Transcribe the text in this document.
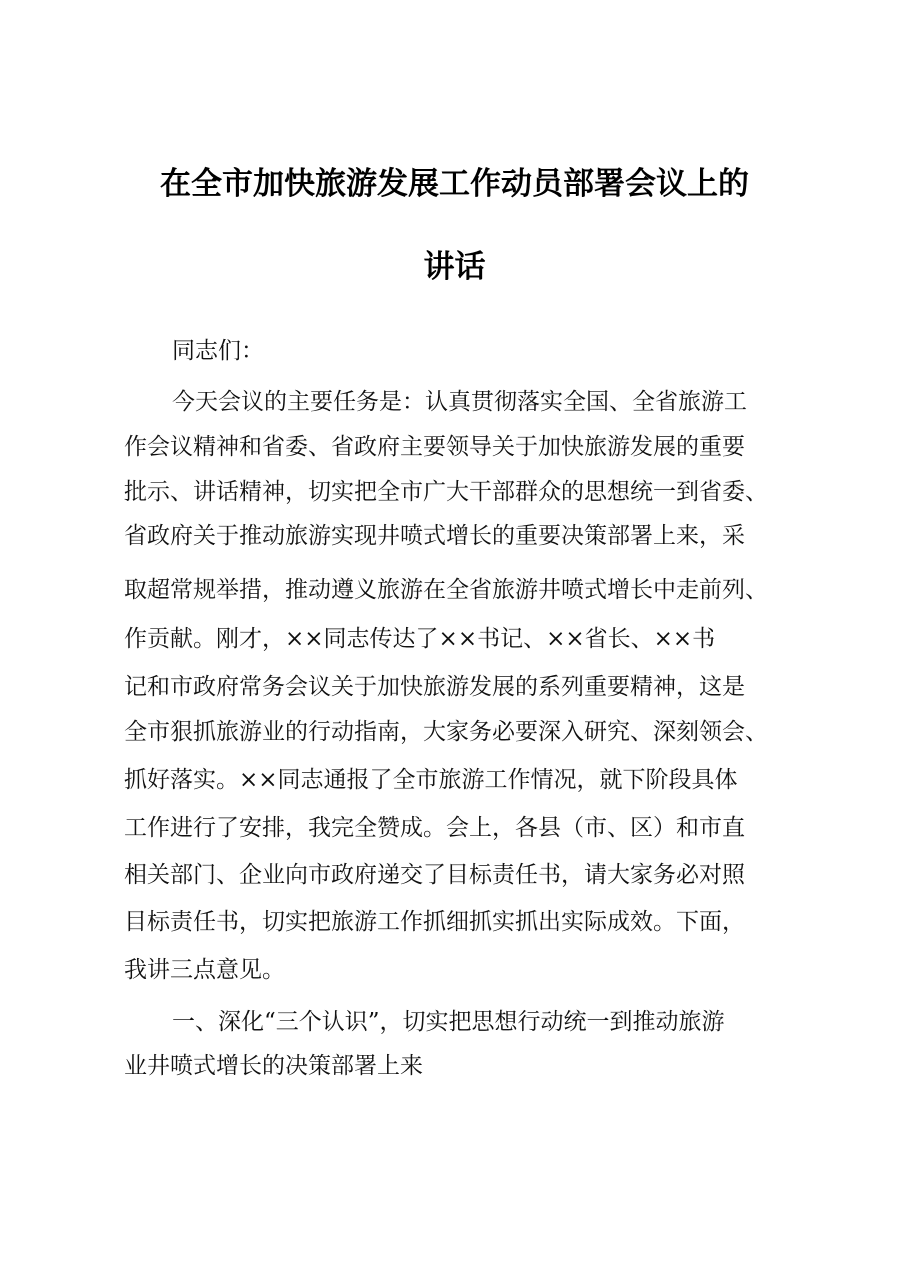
在全市加快旅游发展工作动员部署会议上的
讲话
同志们：
今天会议的主要任务是：认真贯彻落实全国、全省旅游工
作会议精神和省委、省政府主要领导关于加快旅游发展的重要
批示、讲话精神，切实把全市广大干部群众的思想统一到省委、
省政府关于推动旅游实现井喷式增长的重要决策部署上来，采
取超常规举措，推动遵义旅游在全省旅游井喷式增长中走前列、
作贡献。刚才，××同志传达了××书记、××省长、××书
记和市政府常务会议关于加快旅游发展的系列重要精神，这是
全市狠抓旅游业的行动指南，大家务必要深入研究、深刻领会、
抓好落实。××同志通报了全市旅游工作情况，就下阶段具体
工作进行了安排，我完全赞成。会上，各县（市、区）和市直
相关部门、企业向市政府递交了目标责任书，请大家务必对照
目标责任书，切实把旅游工作抓细抓实抓出实际成效。下面，
我讲三点意见。
一、深化“三个认识”，切实把思想行动统一到推动旅游
业井喷式增长的决策部署上来
